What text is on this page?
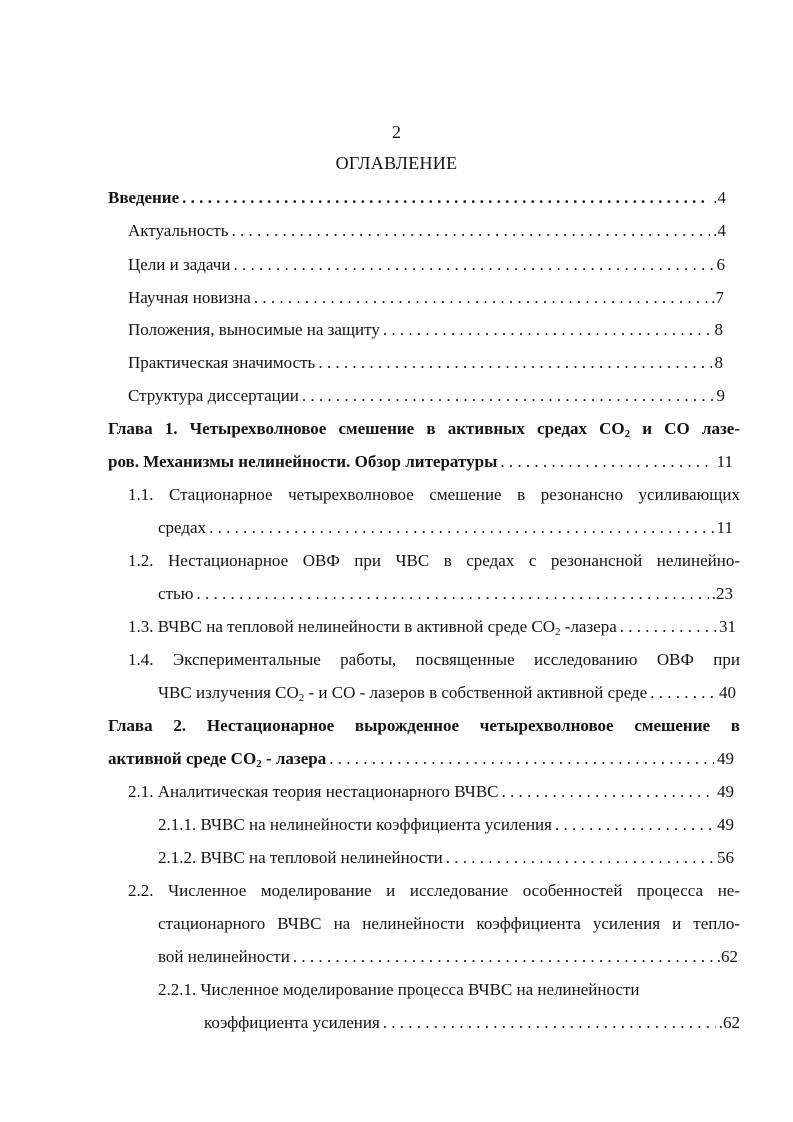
2
ОГЛАВЛЕНИЕ
Введение . . .	.4
Актуальность . . .	.4
Цели и задачи . . .	6
Научная новизна . . .	.7
Положения, выносимые на защиту . . .	8
Практическая значимость . . .	8
Структура диссертации . . .	9
Глава 1. Четырехволновое смешение в активных средах $CO_2$ и CO лазе-
ров. Механизмы нелинейности. Обзор литературы . . .	11
1.1. Стационарное четырехволновое смешение в резонансно усиливающих
средах . . .	11
1.2. Нестационарное ОВФ при ЧВС в средах с резонансной нелинейно-
стью . . .	.23
1.3. ВЧВС на тепловой нелинейности в активной среде $CO_2$ -лазера . . .	31
1.4. Экспериментальные работы, посвященные исследованию ОВФ при
ЧВС излучения $CO_2$ - и CO - лазеров в собственной активной среде . . .	40
Глава 2. Нестационарное вырожденное четырехволновое смешение в
активной среде $CO_2$ - лазера . . .	49
2.1. Аналитическая теория нестационарного ВЧВС . . .	49
2.1.1. ВЧВС на нелинейности коэффициента усиления . . .	49
2.1.2. ВЧВС на тепловой нелинейности . . .	56
2.2. Численное моделирование и исследование особенностей процесса не-
стационарного ВЧВС на нелинейности коэффициента усиления и тепло-
вой нелинейности . . .	.62
2.2.1. Численное моделирование процесса ВЧВС на нелинейности
коэффициента усиления . . .	.62
